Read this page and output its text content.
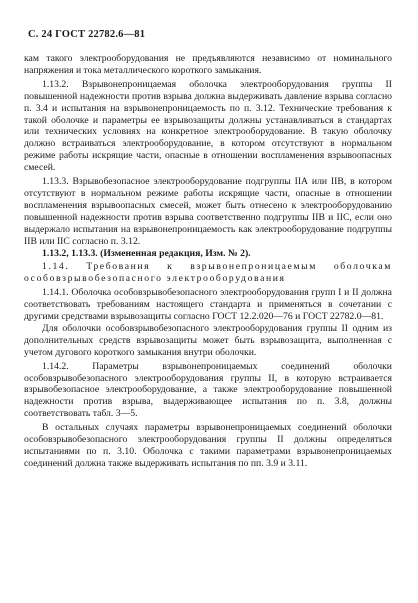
С. 24 ГОСТ 22782.6—81

кам такого электрооборудования не предъявляются независимо от номинального напряжения и тока металлического короткого замыкания.

1.13.2. Взрывонепроницаемая оболочка электрооборудования группы II повышенной надежности против взрыва должна выдерживать давление взрыва согласно п. 3.4 и испытания на взрывонепроницаемость по п. 3.12. Технические требования к такой оболочке и параметры ее взрывозащиты должны устанавливаться в стандартах или технических условиях на конкретное электрооборудование. В такую оболочку должно встраиваться электрооборудование, в котором отсутствуют в нормальном режиме работы искрящие части, опасные в отношении воспламенения взрывоопасных смесей.

1.13.3. Взрывобезопасное электрооборудование подгруппы IIА или IIВ, в котором отсутствуют в нормальном режиме работы искрящие части, опасные в отношении воспламенения взрывоопасных смесей, может быть отнесено к электрооборудованию повышенной надежности против взрыва соответственно подгруппы IIВ и IIС, если оно выдержало испытания на взрывонепроницаемость как электрооборудование подгруппы IIВ или IIС согласно п. 3.12.

1.13.2, 1.13.3. (Измененная редакция, Изм. № 2).

1.14. Требования к взрывонепроницаемым оболочкам особовзрывобезопасного электрооборудования

1.14.1. Оболочка особовзрывобезопасного электрооборудования групп I и II должна соответствовать требованиям настоящего стандарта и применяться в сочетании с другими средствами взрывозащиты согласно ГОСТ 12.2.020—76 и ГОСТ 22782.0—81.

Для оболочки особовзрывобезопасного электрооборудования группы II одним из дополнительных средств взрывозащиты может быть взрывозащита, выполненная с учетом дугового короткого замыкания внутри оболочки.

1.14.2. Параметры взрывонепроницаемых соединений оболочки особовзрывобезопасного электрооборудования группы II, в которую встраивается взрывобезопасное электрооборудование, а также электрооборудование повышенной надежности против взрыва, выдерживающее испытания по п. 3.8, должны соответствовать табл. 3—5.

В остальных случаях параметры взрывонепроницаемых соединений оболочки особовзрывобезопасного электрооборудования группы II должны определяться испытаниями по п. 3.10. Оболочка с такими параметрами взрывонепроницаемых соединений должна также выдерживать испытания по пп. 3.9 и 3.11.
